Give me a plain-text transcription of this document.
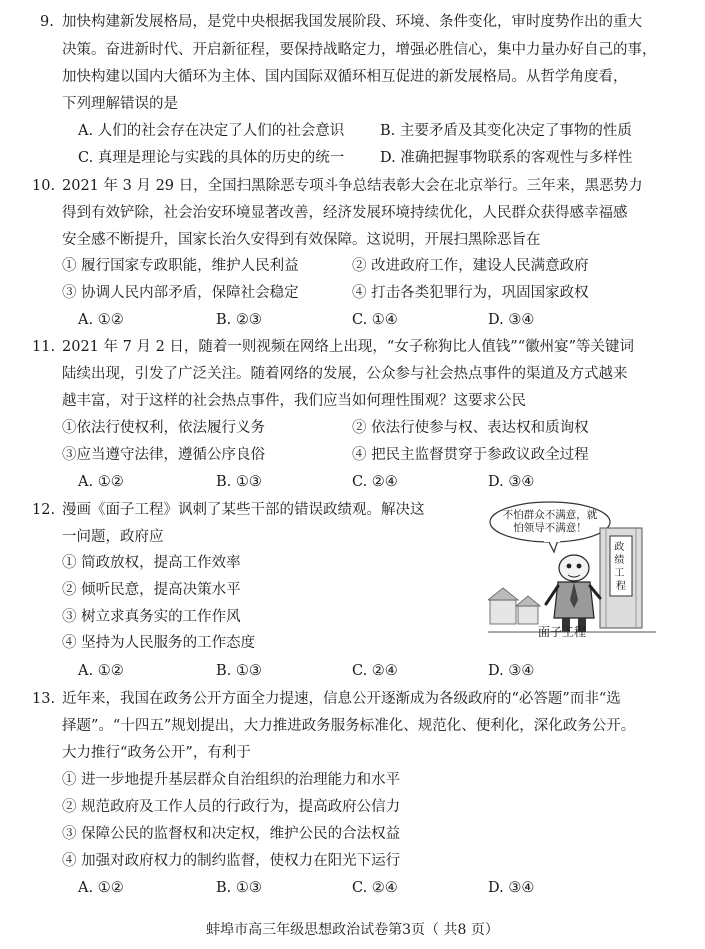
9. 加快构建新发展格局，是党中央根据我国发展阶段、环境、条件变化，审时度势作出的重大
决策。奋进新时代、开启新征程，要保持战略定力，增强必胜信心，集中力量办好自己的事，
加快构建以国内大循环为主体、国内国际双循环相互促进的新发展格局。从哲学角度看，
下列理解错误的是
A. 人们的社会存在决定了人们的社会意识 B. 主要矛盾及其变化决定了事物的性质
C. 真理是理论与实践的具体的历史的统一 D. 准确把握事物联系的客观性与多样性
10. 2021 年 3 月 29 日，全国扫黑除恶专项斗争总结表彰大会在北京举行。三年来，黑恶势力
得到有效铲除，社会治安环境显著改善，经济发展环境持续优化，人民群众获得感幸福感
安全感不断提升，国家长治久安得到有效保障。这说明，开展扫黑除恶旨在
① 履行国家专政职能，维护人民利益	② 改进政府工作，建设人民满意政府
③ 协调人民内部矛盾，保障社会稳定	④ 打击各类犯罪行为，巩固国家政权
A. ①②	B. ②③	C. ①④	D. ③④
11. 2021 年 7 月 2 日，随着一则视频在网络上出现，“女子称狗比人值钱”“徽州宴”等关键词
陆续出现，引发了广泛关注。随着网络的发展，公众参与社会热点事件的渠道及方式越来
越丰富，对于这样的社会热点事件，我们应当如何理性围观？这要求公民
①依法行使权利，依法履行义务	② 依法行使参与权、表达权和质询权
③应当遵守法律，遵循公序良俗	④ 把民主监督贯穿于参政议政全过程
A. ①②	B. ①③	C. ②④	D. ③④
12. 漫画《面子工程》讽刺了某些干部的错误政绩观。解决这
一问题，政府应
① 简政放权，提高工作效率
② 倾听民意，提高决策水平
③ 树立求真务实的工作作风
④ 坚持为人民服务的工作态度
A. ①②	B. ①③	C. ②④	D. ③④
不怕群众不满意，就
怕领导不满意！
政 绩 工 程
面子工程
13. 近年来，我国在政务公开方面全力提速，信息公开逐渐成为各级政府的“必答题”而非“选
择题”。“十四五”规划提出，大力推进政务服务标准化、规范化、便利化，深化政务公开。
大力推行“政务公开”，有利于
① 进一步地提升基层群众自治组织的治理能力和水平
② 规范政府及工作人员的行政行为，提高政府公信力
③ 保障公民的监督权和决定权，维护公民的合法权益
④ 加强对政府权力的制约监督，使权力在阳光下运行
A. ①②	B. ①③	C. ②④	D. ③④
蚌埠市高三年级思想政治试卷第3页（ 共8 页）
